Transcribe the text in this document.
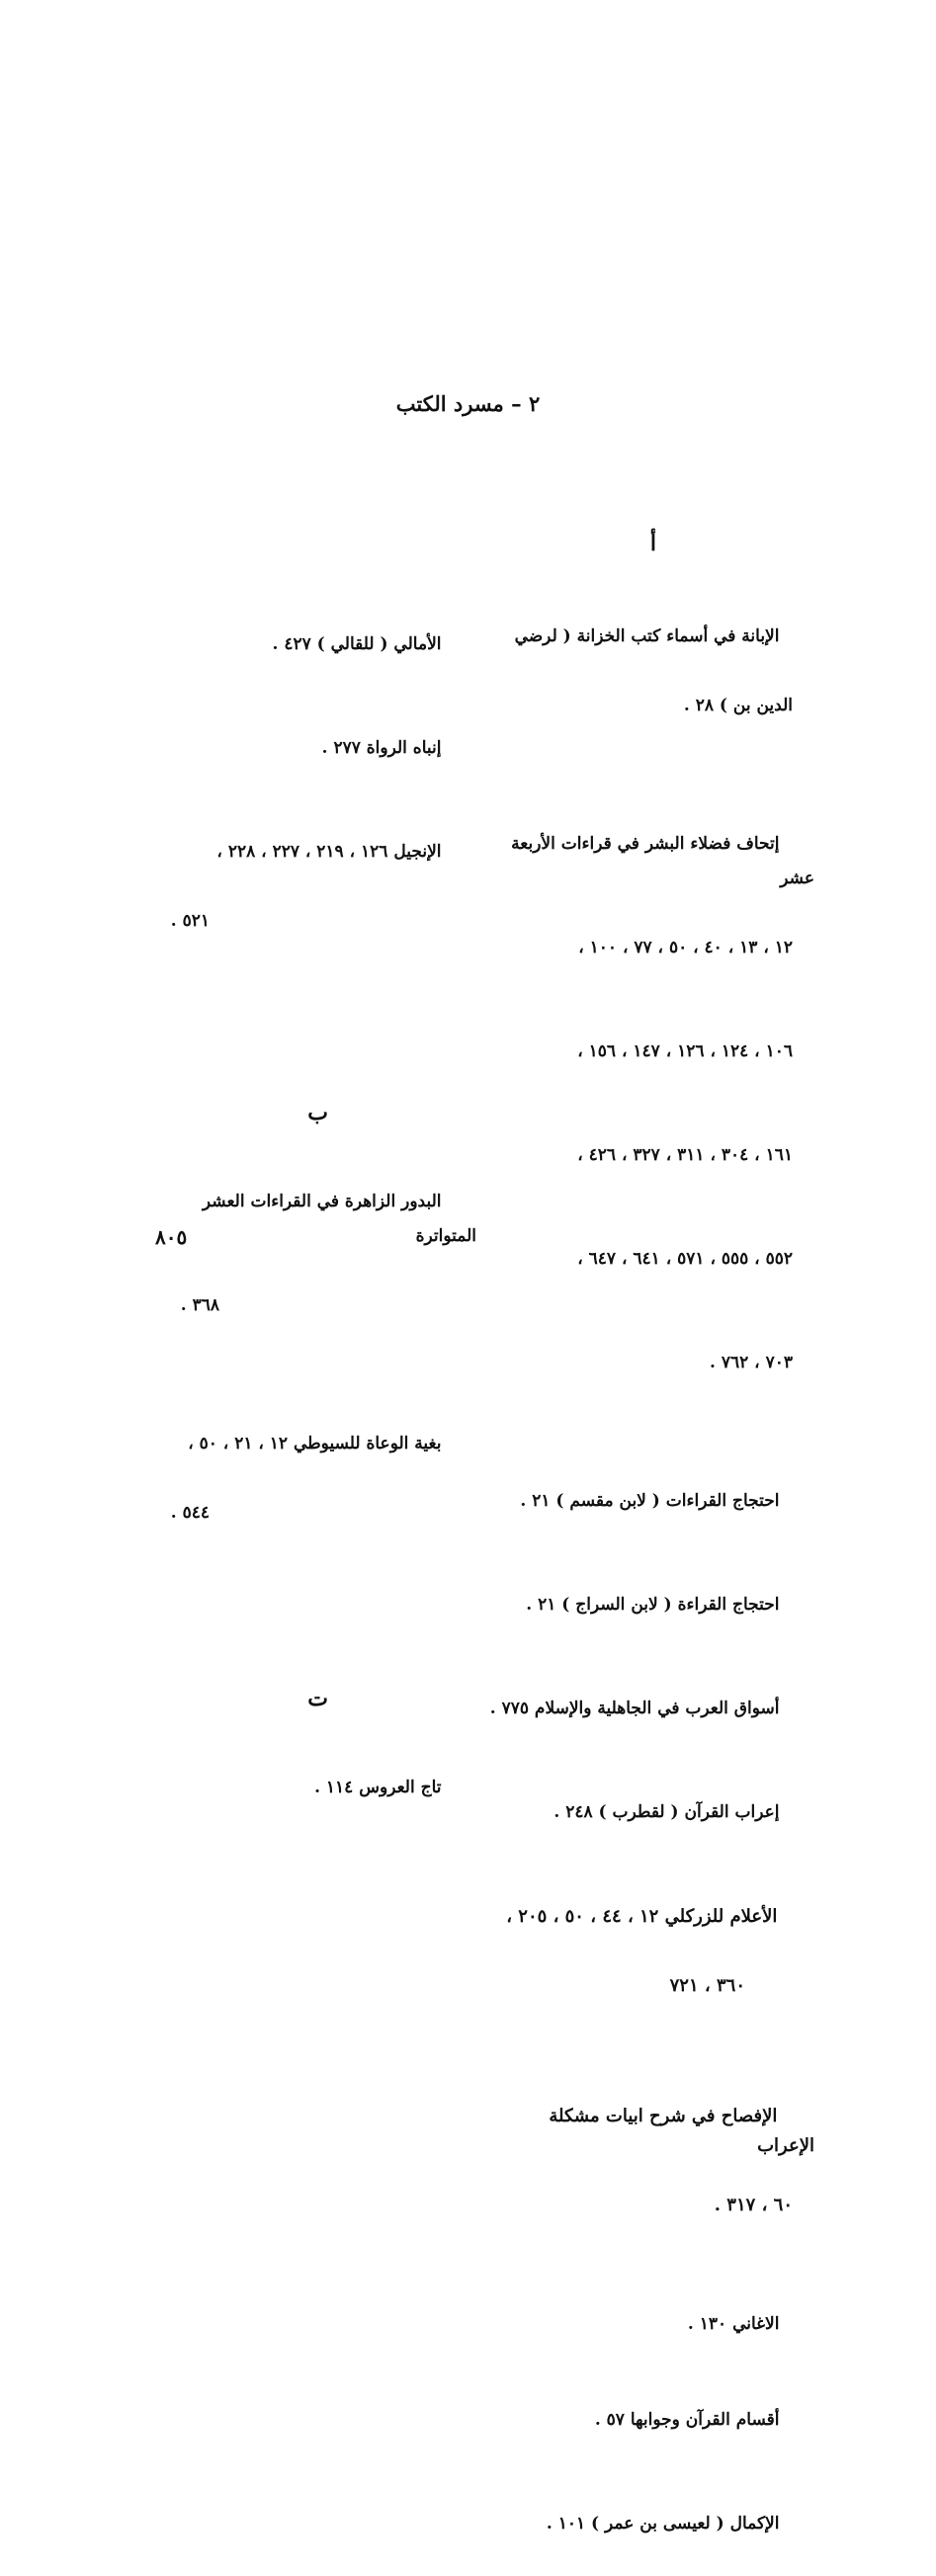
٢ – مسرد الكتب

أ

الإبانة في أسماء كتب الخزانة ( لرضي

الدين بن ) ٢٨ .

إتحاف فضلاء البشر في قراءات الأربعة عشر

١٢ ، ١٣ ، ٤٠ ، ٥٠ ، ٧٧ ، ١٠٠ ،

١٠٦ ، ١٢٤ ، ١٢٦ ، ١٤٧ ، ١٥٦ ،

١٦١ ، ٣٠٤ ، ٣١١ ، ٣٢٧ ، ٤٢٦ ،

٥٥٢ ، ٥٥٥ ، ٥٧١ ، ٦٤١ ، ٦٤٧ ،

٧٠٣ ، ٧٦٢ .

احتجاج القراءات ( لابن مقسم ) ٢١ .

احتجاج القراءة ( لابن السراج ) ٢١ .

أسواق العرب في الجاهلية والإسلام ٧٧٥ .

إعراب القرآن ( لقطرب ) ٢٤٨ .

الأعلام للزركلي ١٢ ، ٤٤ ، ٥٠ ، ٢٠٥ ،

٣٦٠ ، ٧٢١

الإفصاح في شرح ابيات مشكلة الإعراب

٦٠ ، ٣١٧ .

الاغاني ١٣٠ .

أقسام القرآن وجوابها ٥٧ .

الإكمال ( لعيسى بن عمر ) ١٠١ .

الأمالي ( للقالي ) ٤٢٧ .

إنباه الرواة ٢٧٧ .

الإنجيل ١٢٦ ، ٢١٩ ، ٢٢٧ ، ٢٢٨ ،

٥٢١ .

ب

البدور الزاهرة في القراءات العشر المتواترة

٣٦٨ .

بغية الوعاة للسيوطي ١٢ ، ٢١ ، ٥٠ ،

٥٤٤ .

ت

تاج العروس ١١٤ .

٨٠٥
